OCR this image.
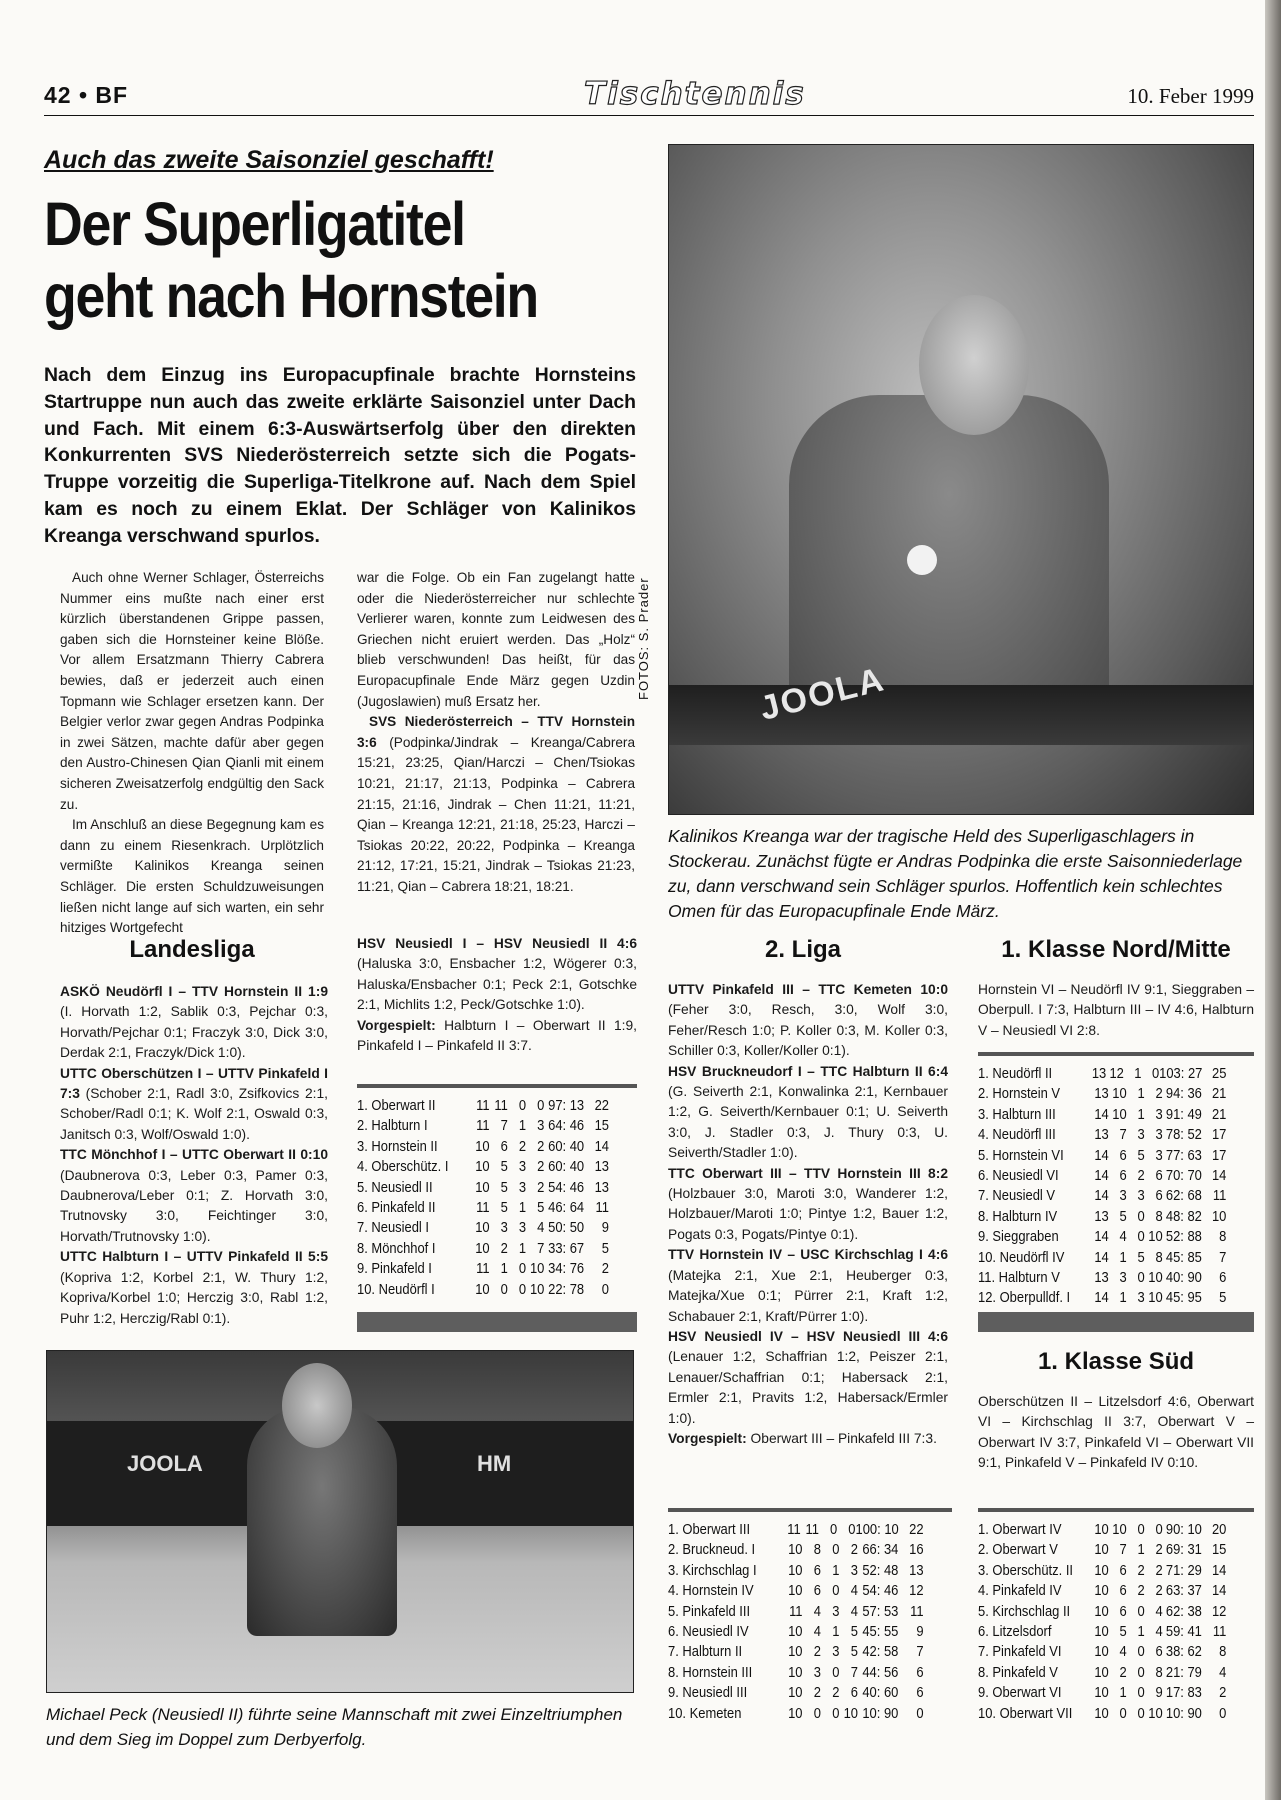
42 • BF	Tischtennis	10. Feber 1999
Auch das zweite Saisonziel geschafft!
Der Superligatitel
geht nach Hornstein
Nach dem Einzug ins Europacupfinale brachte Hornsteins Startruppe nun auch das zweite erklärte Saisonziel unter Dach und Fach. Mit einem 6:3-Auswärtserfolg über den direkten Konkurrenten SVS Niederösterreich setzte sich die Pogats-Truppe vorzeitig die Superliga-Titelkrone auf. Nach dem Spiel kam es noch zu einem Eklat. Der Schläger von Kalinikos Kreanga verschwand spurlos.

Auch ohne Werner Schlager, Österreichs Nummer eins mußte nach einer erst kürzlich überstandenen Grippe passen, gaben sich die Hornsteiner keine Blöße. Vor allem Ersatzmann Thierry Cabrera bewies, daß er jederzeit auch einen Topmann wie Schlager ersetzen kann. Der Belgier verlor zwar gegen Andras Podpinka in zwei Sätzen, machte dafür aber gegen den Austro-Chinesen Qian Qianli mit einem sicheren Zweisatzerfolg endgültig den Sack zu.

Im Anschluß an diese Begegnung kam es dann zu einem Riesenkrach. Urplötzlich vermißte Kalinikos Kreanga seinen Schläger. Die ersten Schuldzuweisungen ließen nicht lange auf sich warten, ein sehr hitziges Wortgefecht

war die Folge. Ob ein Fan zugelangt hatte oder die Niederösterreicher nur schlechte Verlierer waren, konnte zum Leidwesen des Griechen nicht eruiert werden. Das „Holz“ blieb verschwunden! Das heißt, für das Europacupfinale Ende März gegen Uzdin (Jugoslawien) muß Ersatz her.

SVS Niederösterreich – TTV Hornstein 3:6 (Podpinka/Jindrak – Kreanga/Cabrera 15:21, 23:25, Qian/Harczi – Chen/Tsiokas 10:21, 21:17, 21:13, Podpinka – Cabrera 21:15, 21:16, Jindrak – Chen 11:21, 11:21, Qian – Kreanga 12:21, 21:18, 25:23, Harczi – Tsiokas 20:22, 20:22, Podpinka – Kreanga 21:12, 17:21, 15:21, Jindrak – Tsiokas 21:23, 11:21, Qian – Cabrera 18:21, 18:21.

JOOLA
FOTOS: S. Prader
Kalinikos Kreanga war der tragische Held des Superligaschlagers in Stockerau. Zunächst fügte er Andras Podpinka die erste Saisonniederlage zu, dann verschwand sein Schläger spurlos. Hoffentlich kein schlechtes Omen für das Europacupfinale Ende März.
Landesliga
ASKÖ Neudörfl I – TTV Hornstein II 1:9 (I. Horvath 1:2, Sablik 0:3, Pejchar 0:3, Horvath/Pejchar 0:1; Fraczyk 3:0, Dick 3:0, Derdak 2:1, Fraczyk/Dick 1:0).
UTTC Oberschützen I – UTTV Pinkafeld I 7:3 (Schober 2:1, Radl 3:0, Zsifkovics 2:1, Schober/Radl 0:1; K. Wolf 2:1, Oswald 0:3, Janitsch 0:3, Wolf/Oswald 1:0).
TTC Mönchhof I – UTTC Oberwart II 0:10 (Daubnerova 0:3, Leber 0:3, Pamer 0:3, Daubnerova/Leber 0:1; Z. Horvath 3:0, Trutnovsky 3:0, Feichtinger 3:0, Horvath/Trutnovsky 1:0).
UTTC Halbturn I – UTTV Pinkafeld II 5:5 (Kopriva 1:2, Korbel 2:1, W. Thury 1:2, Kopriva/Korbel 1:0; Herczig 3:0, Rabl 1:2, Puhr 1:2, Herczig/Rabl 0:1).
HSV Neusiedl I – HSV Neusiedl II 4:6 (Haluska 3:0, Ensbacher 1:2, Wögerer 0:3, Haluska/Ensbacher 0:1; Peck 2:1, Gotschke 2:1, Michlits 1:2, Peck/Gotschke 1:0).
Vorgespielt: Halbturn I – Oberwart II 1:9, Pinkafeld I – Pinkafeld II 3:7.
1. Oberwart II	11 11 0 0 97: 13 22
2. Halbturn I	11 7 1 3 64: 46 15
3. Hornstein II	10 6 2 2 60: 40 14
4. Oberschütz. I	10 5 3 2 60: 40 13
5. Neusiedl II	10 5 3 2 54: 46 13
6. Pinkafeld II	11 5 1 5 46: 64 11
7. Neusiedl I	10 3 3 4 50: 50	9
8. Mönchhof I	10 2 1 7 33: 67	5
9. Pinkafeld I	11 1 0 10 34: 76	2
10. Neudörfl I	10 0 0 10 22: 78	0
2. Liga
UTTV Pinkafeld III – TTC Kemeten 10:0 (Feher 3:0, Resch, 3:0, Wolf 3:0, Feher/Resch 1:0; P. Koller 0:3, M. Koller 0:3, Schiller 0:3, Koller/Koller 0:1).
HSV Bruckneudorf I – TTC Halbturn II 6:4 (G. Seiverth 2:1, Konwalinka 2:1, Kernbauer 1:2, G. Seiverth/Kernbauer 0:1; U. Seiverth 3:0, J. Stadler 0:3, J. Thury 0:3, U. Seiverth/Stadler 1:0).
TTC Oberwart III – TTV Hornstein III 8:2 (Holzbauer 3:0, Maroti 3:0, Wanderer 1:2, Holzbauer/Maroti 1:0; Pintye 1:2, Bauer 1:2, Pogats 0:3, Pogats/Pintye 0:1).
TTV Hornstein IV – USC Kirchschlag I 4:6 (Matejka 2:1, Xue 2:1, Heuberger 0:3, Matejka/Xue 0:1; Pürrer 2:1, Kraft 1:2, Schabauer 2:1, Kraft/Pürrer 1:0).
HSV Neusiedl IV – HSV Neusiedl III 4:6 (Lenauer 1:2, Schaffrian 1:2, Peiszer 2:1, Lenauer/Schaffrian 0:1; Habersack 2:1, Ermler 2:1, Pravits 1:2, Habersack/Ermler 1:0).
Vorgespielt: Oberwart III – Pinkafeld III 7:3.
1. Oberwart III	11 11 0 0 100: 10 22
2. Bruckneud. I	10 8 0 2 66: 34 16
3. Kirchschlag I	10 6 1 3 52: 48 13
4. Hornstein IV	10 6 0 4 54: 46 12
5. Pinkafeld III	11 4 3 4 57: 53 11
6. Neusiedl IV	10 4 1 5 45: 55	9
7. Halbturn II	10 2 3 5 42: 58	7
8. Hornstein III	10 3 0 7 44: 56	6
9. Neusiedl III	10 2 2 6 40: 60	6
10. Kemeten	10 0 0 10 10: 90	0
1. Klasse Nord/Mitte
Hornstein VI – Neudörfl IV 9:1, Sieggraben – Oberpull. I 7:3, Halbturn III – IV 4:6, Halbturn V – Neusiedl VI 2:8.
1. Neudörfl II	13 12 1 0 103: 27 25
2. Hornstein V	13 10 1 2 94: 36 21
3. Halbturn III	14 10 1 3 91: 49 21
4. Neudörfl III	13 7 3 3 78: 52 17
5. Hornstein VI	14 6 5 3 77: 63 17
6. Neusiedl VI	14 6 2 6 70: 70 14
7. Neusiedl V	14 3 3 6 62: 68 11
8. Halbturn IV	13 5 0 8 48: 82 10
9. Sieggraben	14 4 0 10 52: 88	8
10. Neudörfl IV	14 1 5 8 45: 85	7
11. Halbturn V	13 3 0 10 40: 90	6
12. Oberpulldf. I	14 1 3 10 45: 95	5
1. Klasse Süd
Oberschützen II – Litzelsdorf 4:6, Oberwart VI – Kirchschlag II 3:7, Oberwart V – Oberwart IV 3:7, Pinkafeld VI – Oberwart VII 9:1, Pinkafeld V – Pinkafeld IV 0:10.
1. Oberwart IV	10 10 0 0 90: 10 20
2. Oberwart V	10 7 1 2 69: 31 15
3. Oberschütz. II	10 6 2 2 71: 29 14
4. Pinkafeld IV	10 6 2 2 63: 37 14
5. Kirchschlag II	10 6 0 4 62: 38 12
6. Litzelsdorf	10 5 1 4 59: 41 11
7. Pinkafeld VI	10 4 0 6 38: 62	8
8. Pinkafeld V	10 2 0 8 21: 79	4
9. Oberwart VI	10 1 0 9 17: 83	2
10. Oberwart VII	10 0 0 10 10: 90	0
JOOLA	HM
Michael Peck (Neusiedl II) führte seine Mannschaft mit zwei Einzeltriumphen und dem Sieg im Doppel zum Derbyerfolg.
